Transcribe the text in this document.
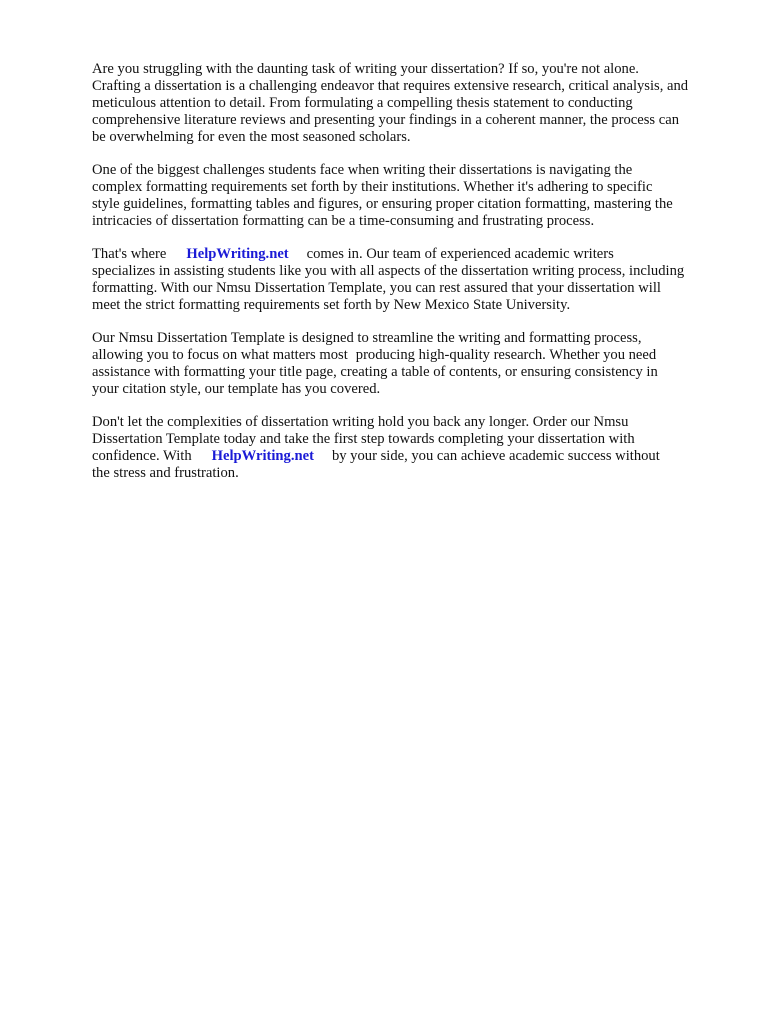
Are you struggling with the daunting task of writing your dissertation? If so, you're not alone.
Crafting a dissertation is a challenging endeavor that requires extensive research, critical analysis, and
meticulous attention to detail. From formulating a compelling thesis statement to conducting
comprehensive literature reviews and presenting your findings in a coherent manner, the process can
be overwhelming for even the most seasoned scholars.

One of the biggest challenges students face when writing their dissertations is navigating the
complex formatting requirements set forth by their institutions. Whether it's adhering to specific
style guidelines, formatting tables and figures, or ensuring proper citation formatting, mastering the
intricacies of dissertation formatting can be a time-consuming and frustrating process.

That's where HelpWriting.net comes in. Our team of experienced academic writers
specializes in assisting students like you with all aspects of the dissertation writing process, including
formatting. With our Nmsu Dissertation Template, you can rest assured that your dissertation will
meet the strict formatting requirements set forth by New Mexico State University.

Our Nmsu Dissertation Template is designed to streamline the writing and formatting process,
allowing you to focus on what matters most producing high-quality research. Whether you need
assistance with formatting your title page, creating a table of contents, or ensuring consistency in
your citation style, our template has you covered.

Don't let the complexities of dissertation writing hold you back any longer. Order our Nmsu
Dissertation Template today and take the first step towards completing your dissertation with
confidence. With HelpWriting.net by your side, you can achieve academic success without
the stress and frustration.
